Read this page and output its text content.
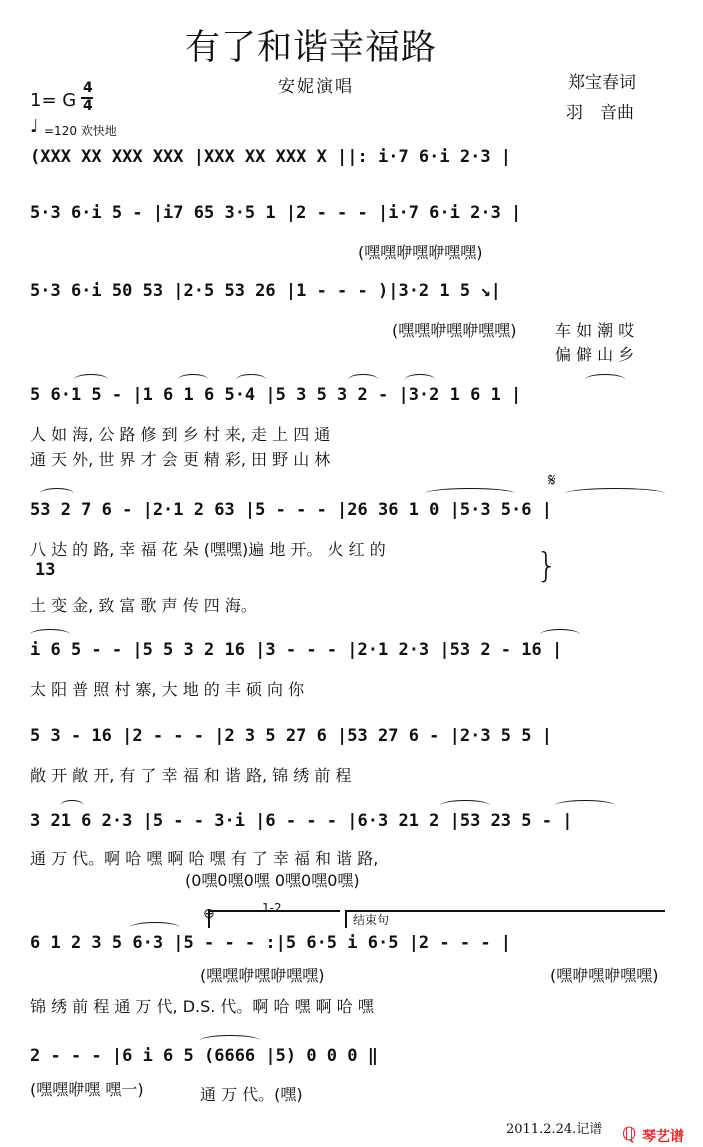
有了和谐幸福路
安妮演唱	郑宝春词
羽　音曲
1= G
4
4
♩ =120 欢快地
(XXX XX XXX XXX |XXX XX XXX X ||: i·7 6·i 2·3 |
5·3 6·i 5 - |i7 65 3·5 1 |2 - - - |i·7 6·i 2·3 |
(嘿嘿咿嘿咿嘿嘿)
5·3 6·i 50 53 |2·5 53 26 |1 - - - )|3·2 1 5 ↘|
(嘿嘿咿嘿咿嘿嘿) 车 如 潮 哎
偏 僻 山 乡
5 6·1 5 - |1 6 1 6 5·4 |5 3 5 3 2 - |3·2 1 6 1 |
人 如 海, 公 路 修 到 乡 村 来, 走 上 四 通
通 天 外, 世 界 才 会 更 精 彩, 田 野 山 林
𝄋
53 2 7 6 - |2·1 2 63 |5 - - - |26 36 1 0 |5·3 5·6 |
八 达 的 路, 幸 福 花 朵 (嘿嘿)遍 地 开。 火 红 的
13
土 变 金, 致 富 歌 声 传 四 海。
}
i 6 5 - - |5 5 3 2 16 |3 - - - |2·1 2·3 |53 2 - 16 |
太 阳 普 照 村 寨, 大 地 的 丰 硕 向 你
5 3 - 16 |2 - - - |2 3 5 27 6 |53 27 6 - |2·3 5 5 |
敞 开 敞 开, 有 了 幸 福 和 谐 路, 锦 绣 前 程
3 21 6 2·3 |5 - - 3·i |6 - - - |6·3 21 2 |53 23 5 - |
通 万 代。啊 哈 嘿 啊 哈 嘿 有 了 幸 福 和 谐 路,
(0嘿0嘿0嘿 0嘿0嘿0嘿)
1-2
结束句
⊕
6 1 2 3 5 6·3 |5 - - - :|5 6·5 i 6·5 |2 - - - |
(嘿嘿咿嘿咿嘿嘿)	(嘿咿嘿咿嘿嘿)
锦 绣 前 程 通 万 代, D.S. 代。啊 哈 嘿 啊 哈 嘿
2 - - - |6 i 6 5 (6666 |5) 0 0 0 ‖
(嘿嘿咿嘿 嘿一)	通 万 代。(嘿)
2011.2.24.记谱 ℚ 琴艺谱
